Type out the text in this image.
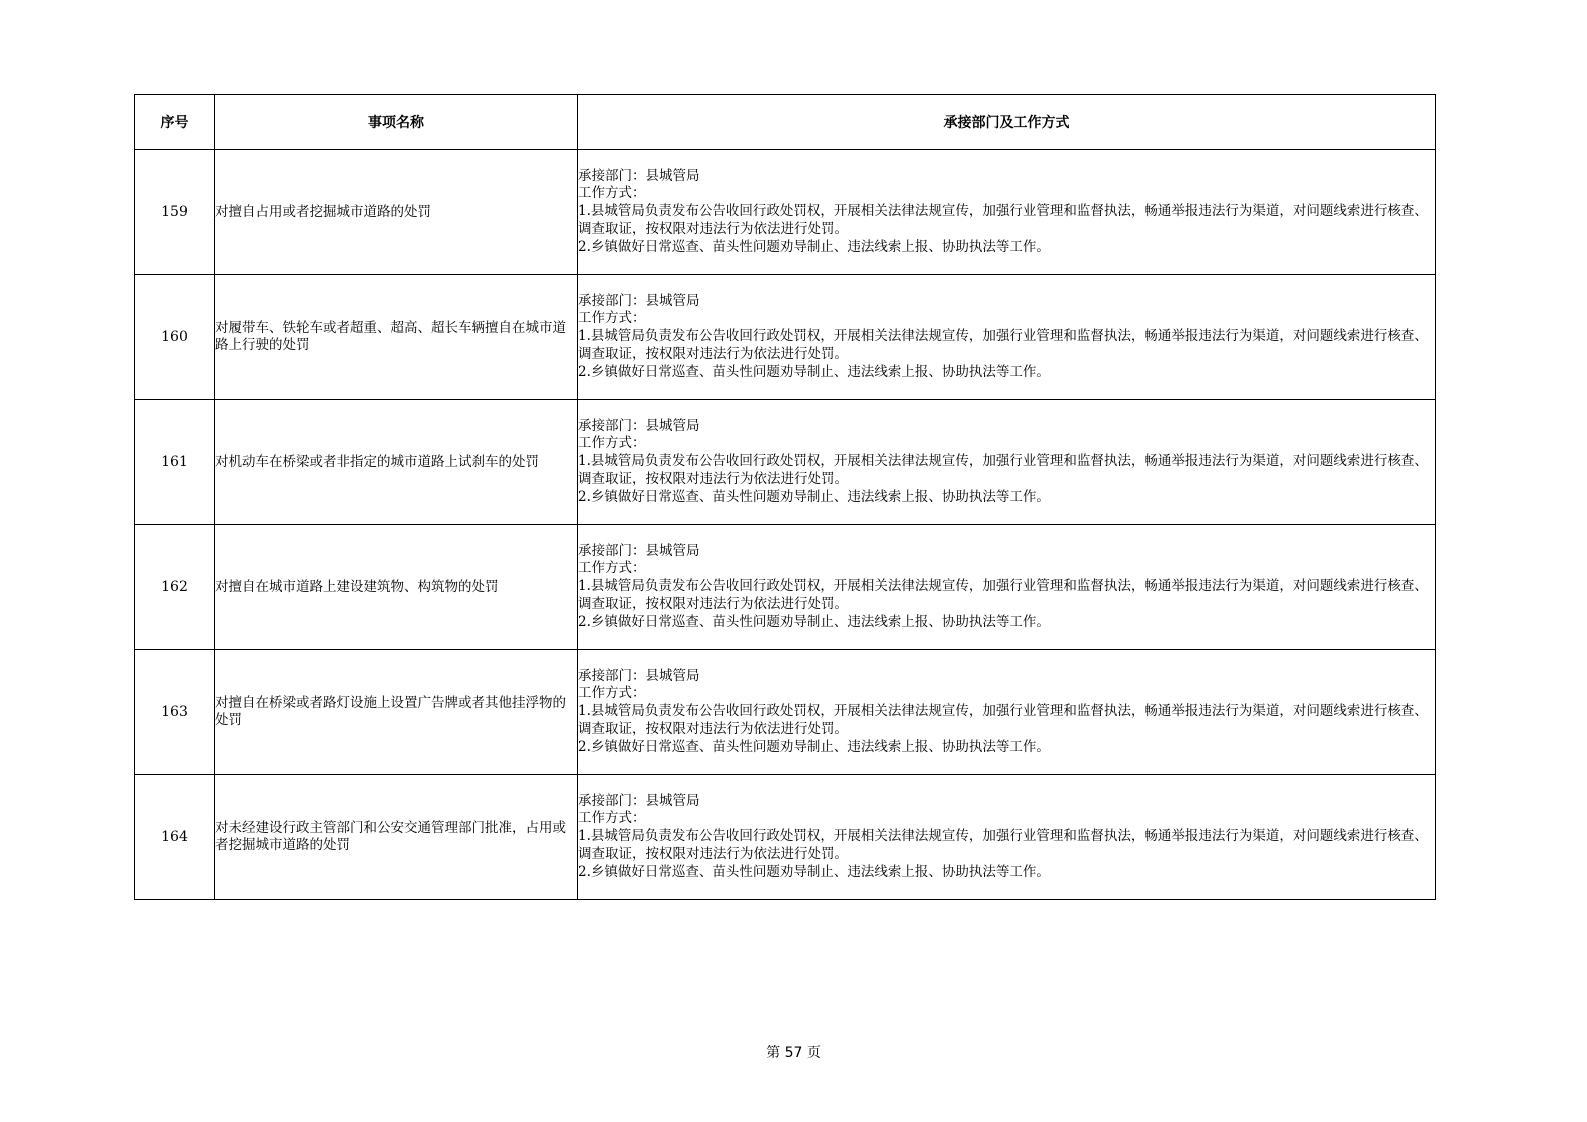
序号	事项名称	承接部门及工作方式
159	对擅自占用或者挖掘城市道路的处罚	承接部门：县城管局
工作方式：
1.县城管局负责发布公告收回行政处罚权，开展相关法律法规宣传，加强行业管理和监督执法，畅通举报违法行为渠道，对问题线索进行核查、调查取证，按权限对违法行为依法进行处罚。
2.乡镇做好日常巡查、苗头性问题劝导制止、违法线索上报、协助执法等工作。

160	对履带车、铁轮车或者超重、超高、超长车辆擅自在城市道路上行驶的处罚	承接部门：县城管局
工作方式：
1.县城管局负责发布公告收回行政处罚权，开展相关法律法规宣传，加强行业管理和监督执法，畅通举报违法行为渠道，对问题线索进行核查、调查取证，按权限对违法行为依法进行处罚。
2.乡镇做好日常巡查、苗头性问题劝导制止、违法线索上报、协助执法等工作。

161	对机动车在桥梁或者非指定的城市道路上试刹车的处罚	承接部门：县城管局
工作方式：
1.县城管局负责发布公告收回行政处罚权，开展相关法律法规宣传，加强行业管理和监督执法，畅通举报违法行为渠道，对问题线索进行核查、调查取证，按权限对违法行为依法进行处罚。
2.乡镇做好日常巡查、苗头性问题劝导制止、违法线索上报、协助执法等工作。

162	对擅自在城市道路上建设建筑物、构筑物的处罚	承接部门：县城管局
工作方式：
1.县城管局负责发布公告收回行政处罚权，开展相关法律法规宣传，加强行业管理和监督执法，畅通举报违法行为渠道，对问题线索进行核查、调查取证，按权限对违法行为依法进行处罚。
2.乡镇做好日常巡查、苗头性问题劝导制止、违法线索上报、协助执法等工作。

163	对擅自在桥梁或者路灯设施上设置广告牌或者其他挂浮物的处罚	承接部门：县城管局
工作方式：
1.县城管局负责发布公告收回行政处罚权，开展相关法律法规宣传，加强行业管理和监督执法，畅通举报违法行为渠道，对问题线索进行核查、调查取证，按权限对违法行为依法进行处罚。
2.乡镇做好日常巡查、苗头性问题劝导制止、违法线索上报、协助执法等工作。

164	对未经建设行政主管部门和公安交通管理部门批准，占用或者挖掘城市道路的处罚	承接部门：县城管局
工作方式：
1.县城管局负责发布公告收回行政处罚权，开展相关法律法规宣传，加强行业管理和监督执法，畅通举报违法行为渠道，对问题线索进行核查、调查取证，按权限对违法行为依法进行处罚。
2.乡镇做好日常巡查、苗头性问题劝导制止、违法线索上报、协助执法等工作。
第 57 页
